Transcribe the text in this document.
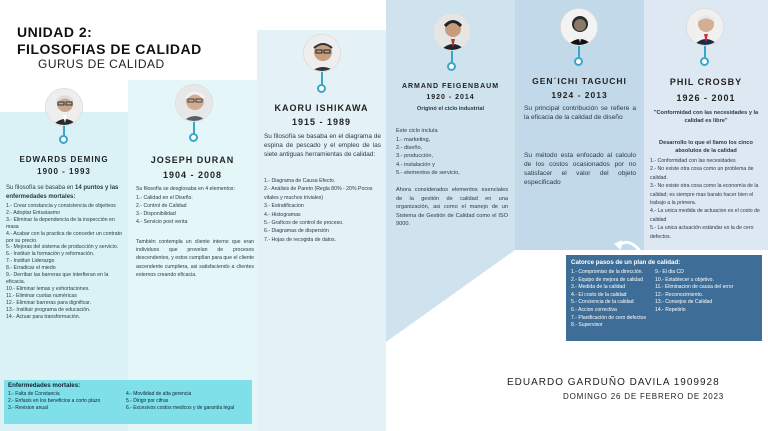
UNIDAD 2:
FILOSOFIAS DE CALIDAD
GURUS DE CALIDAD
EDWARDS DEMING
1900 - 1993
Su filosofía se basaba en 14 puntos y las enfermedades mortales:

1.- Crear constancia y consistencia de objetivos

2.- Adoptar Entusiasmo

3.- Eliminar la dependencia de la inspección en masa

4.- Acabar con la practica de conceder un contrato por su precio.

5.- Mejoras del sistema de producción y servicio.

6.- Instituir la formación y reformación.

7.- Instituir Liderazgo

8.- Erradicar el miedo

9.- Derribar las barreras que interfieran en la eficacia.

10.- Eliminar lemas y exhortaciones.

11.- Eliminar cuotas numéricas

12.- Eliminar barreras para dignificar.

13.- Instituir programa de educación.

14.- Actuar para transformación.

JOSEPH DURAN
1904 - 2008
Su filosofía se desglosaba en 4 elementos:

1.- Calidad en el Diseño.

2.- Control de Calidad

3.- Disponibilidad

4.- Servicio post venta

También contempla un cliente interno que eran individuos que proveían de procesos descendentes, y estos cumplían para que el cliente ascendente cumpliera, asi satisfaciendo a clientes externos creando eficacia.
KAORU ISHIKAWA
1915 - 1989
Su filosofía se basaba en el diagrama de espina de pescado y el empleo de las siete antiguas herramientas de calidad:

1.- Diagrama de Causa Efecto.

2.- Análisis de Pareto (Regla 80% - 20% Pocos vitales y muchos triviales)

3.- Estratificacion

4.- Histogramas

5.- Graficos de control de proceso.

6.- Diagramas de dispersión

7.- Hojas de recogida de datos.

ARMAND FEIGENBAUM
1920 - 2014
Originó el ciclo industrial
Este ciclo incluía

1.- marketing,

2.- diseño,

3.- producción,

4.- instalación y

5.- elementos de servicio,

Ahora considerados elementos esenciales de la gestión de calidad en una organización, asi como el manejo de un Sistema de Gestión de Calidad como el ISO 9000.
GEN´ICHI TAGUCHI
1924 - 2013
Su principal contribución se refiere a la eficacia de la calidad de diseño
Su método esta enfocado al calculo de los costos ocasionados por no satisfacer el valor del objeto especificado
PHIL CROSBY
1926 - 2001
"Conformidad con las necesidades y la calidad es libre"
Desarrollo lo que el llamo los cinco absolutos de la calidad

1.- Conformidad con las necesidades

2.- No existe otra cosa como un problema de calidad.

3.- No existe otra cosa como la economía de la calidad; es siempre mas barato hacer bien el trabajo a la primera.

4.- La unica medida de actuacion es el costo de calidad

5.- La unica actuación estándar es la de cero defectos.

Catorce pasos de un plan de calidad:
1.- Compromiso de la dirección.
2.- Equipo de mejora de calidad
3.- Medida de la calidad
4.- El costo de la calidad
5.- Conciencia de la calidad
6.- Accion correctiva
7.- Planificación de cero defectos
8.- Supervisor
9.- El dia CD
10.- Establecer u objetivo.
11.- Eliminacion de causa del error
12.- Reconocimiento.
13.- Consejos de Calidad
14.- Repetirlo
Enfermedades mortales:
1.- Falta de Constancia
2.- Enfasis en los beneficios a corto plazo
3.- Revision anual
4.- Movilidad de alta gerencia
5.- Dirigir por cifras
6.- Excesivos costos medicos y de garantía legal
EDUARDO GARDUÑO DAVILA 1909928
DOMINGO 26 DE FEBRERO DE 2023
